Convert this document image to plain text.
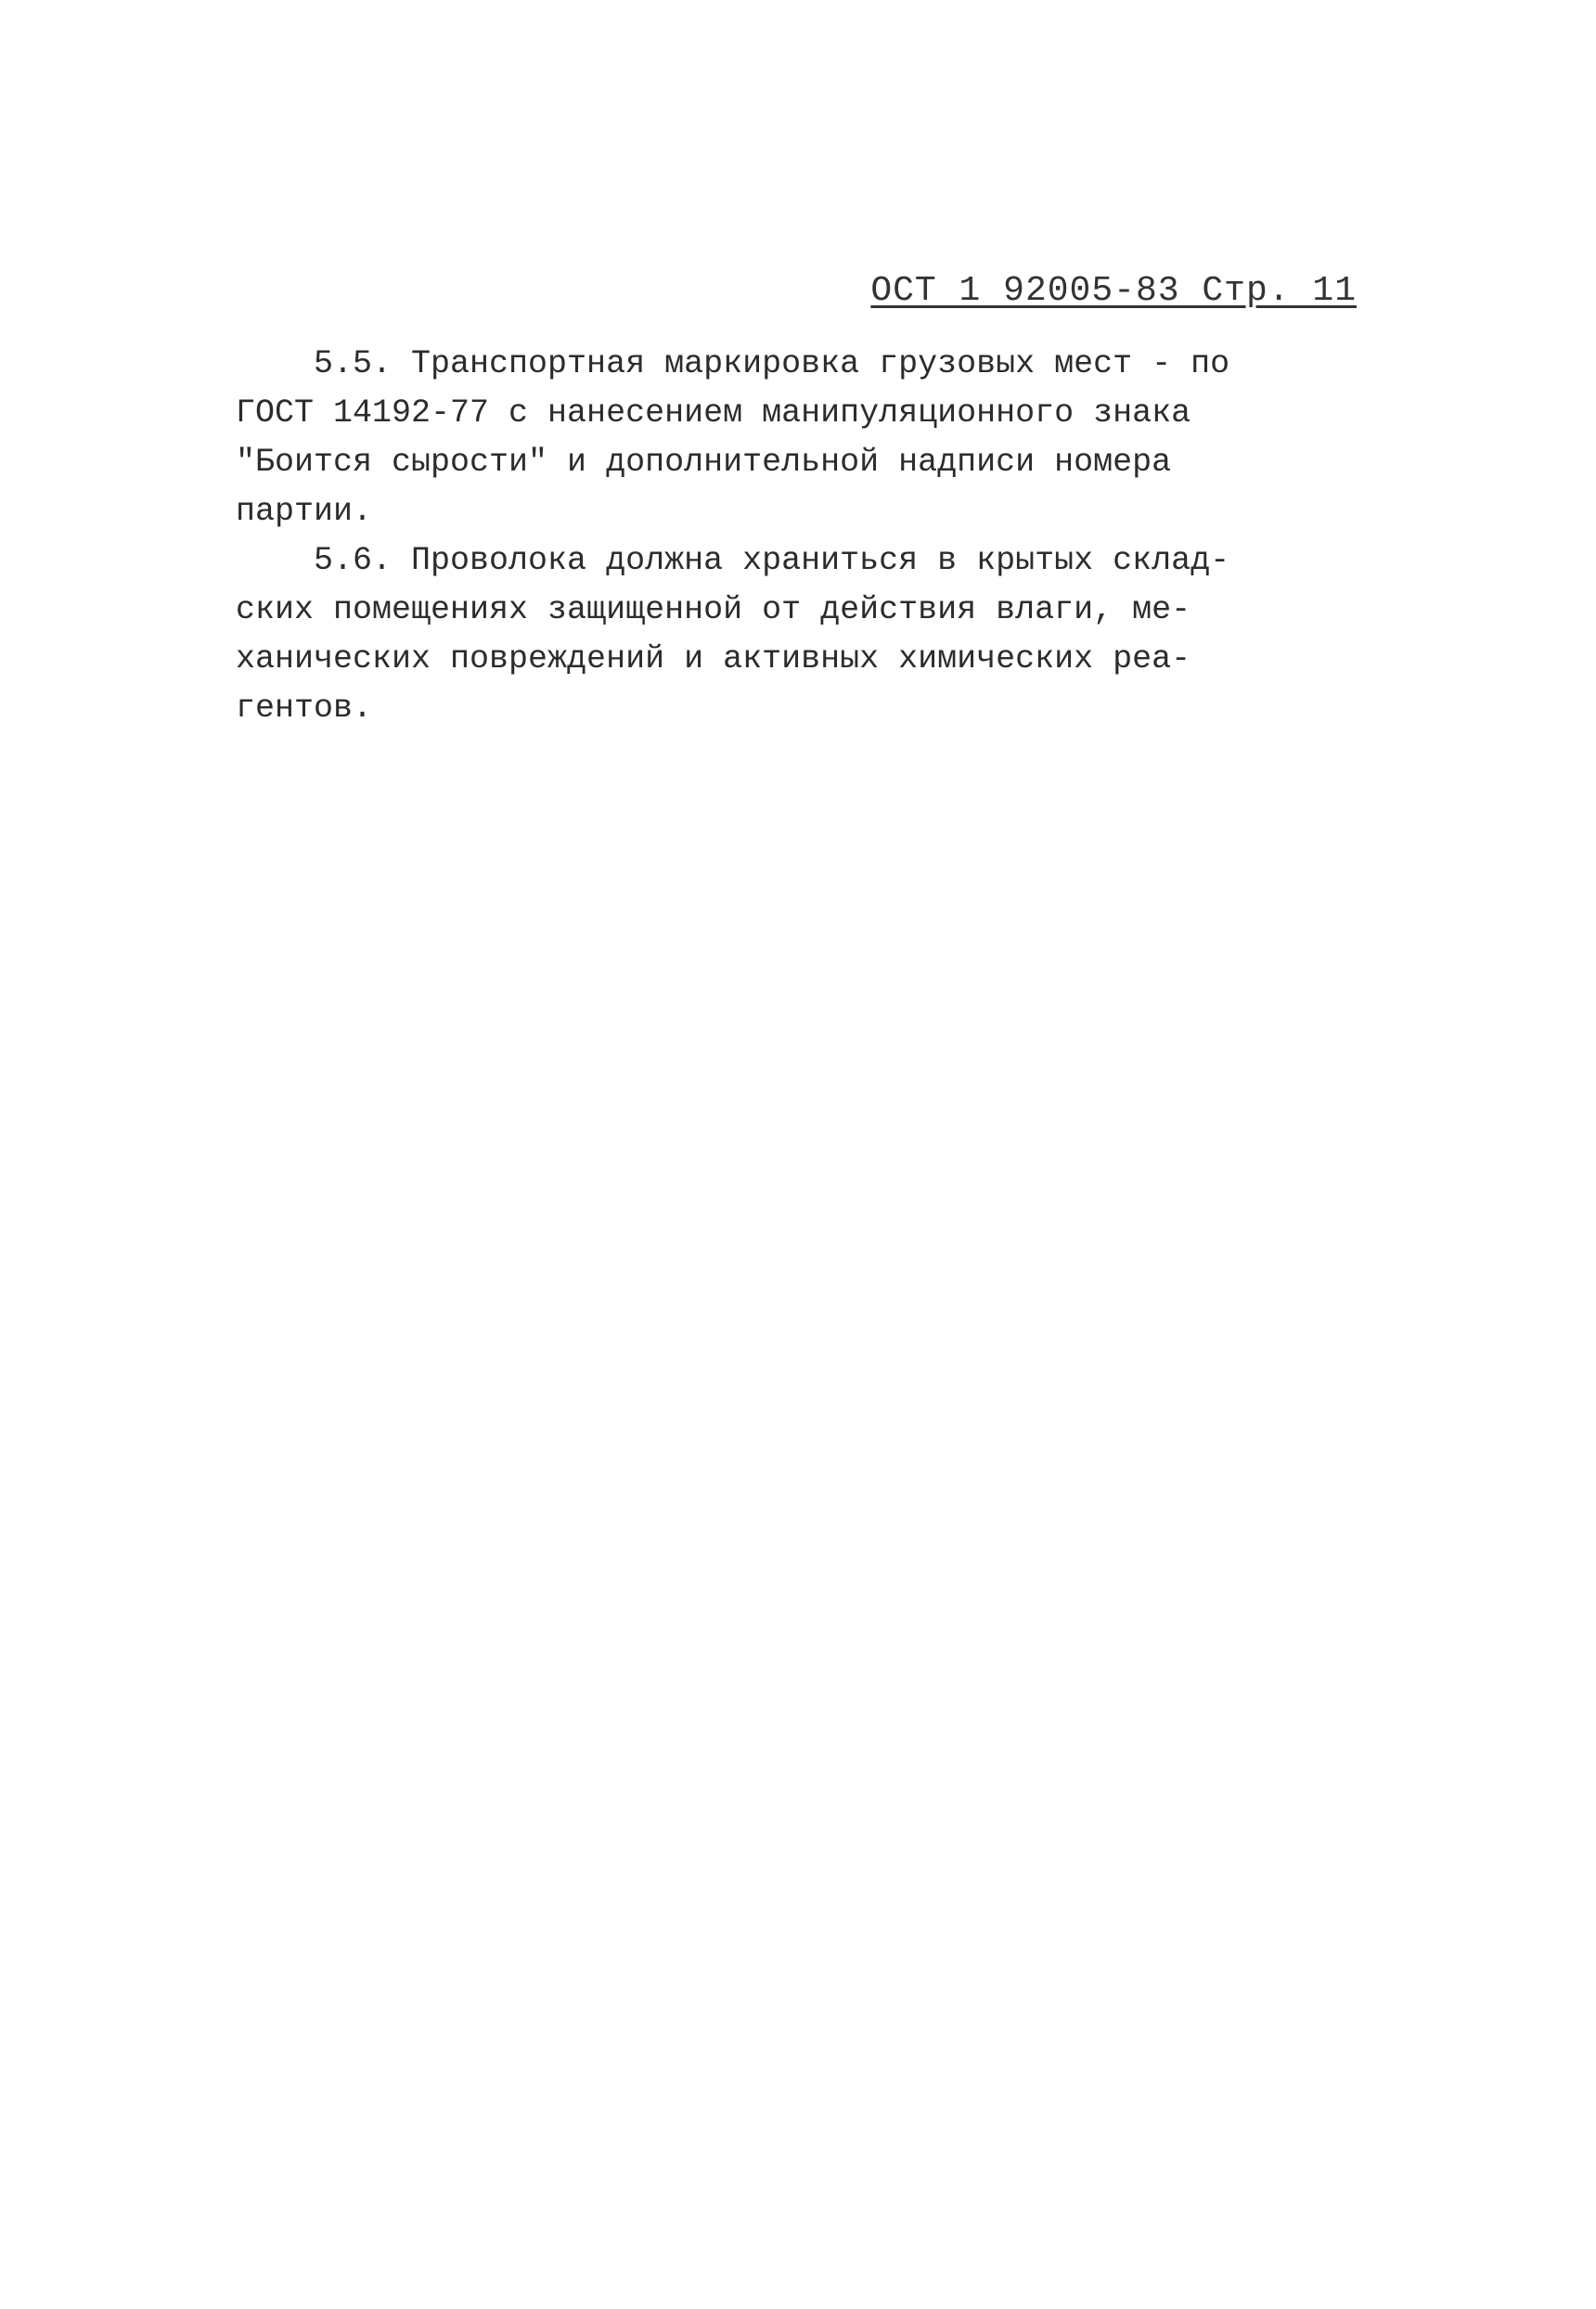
ОСТ 1 92005-83 Стр. 11
5.5. Транспортная маркировка грузовых мест - по
ГОСТ 14192-77 с нанесением манипуляционного знака
"Боится сырости" и дополнительной надписи номера
партии.
5.6. Проволока должна храниться в крытых склад-
ских помещениях защищенной от действия влаги, ме-
ханических повреждений и активных химических реа-
гентов.
